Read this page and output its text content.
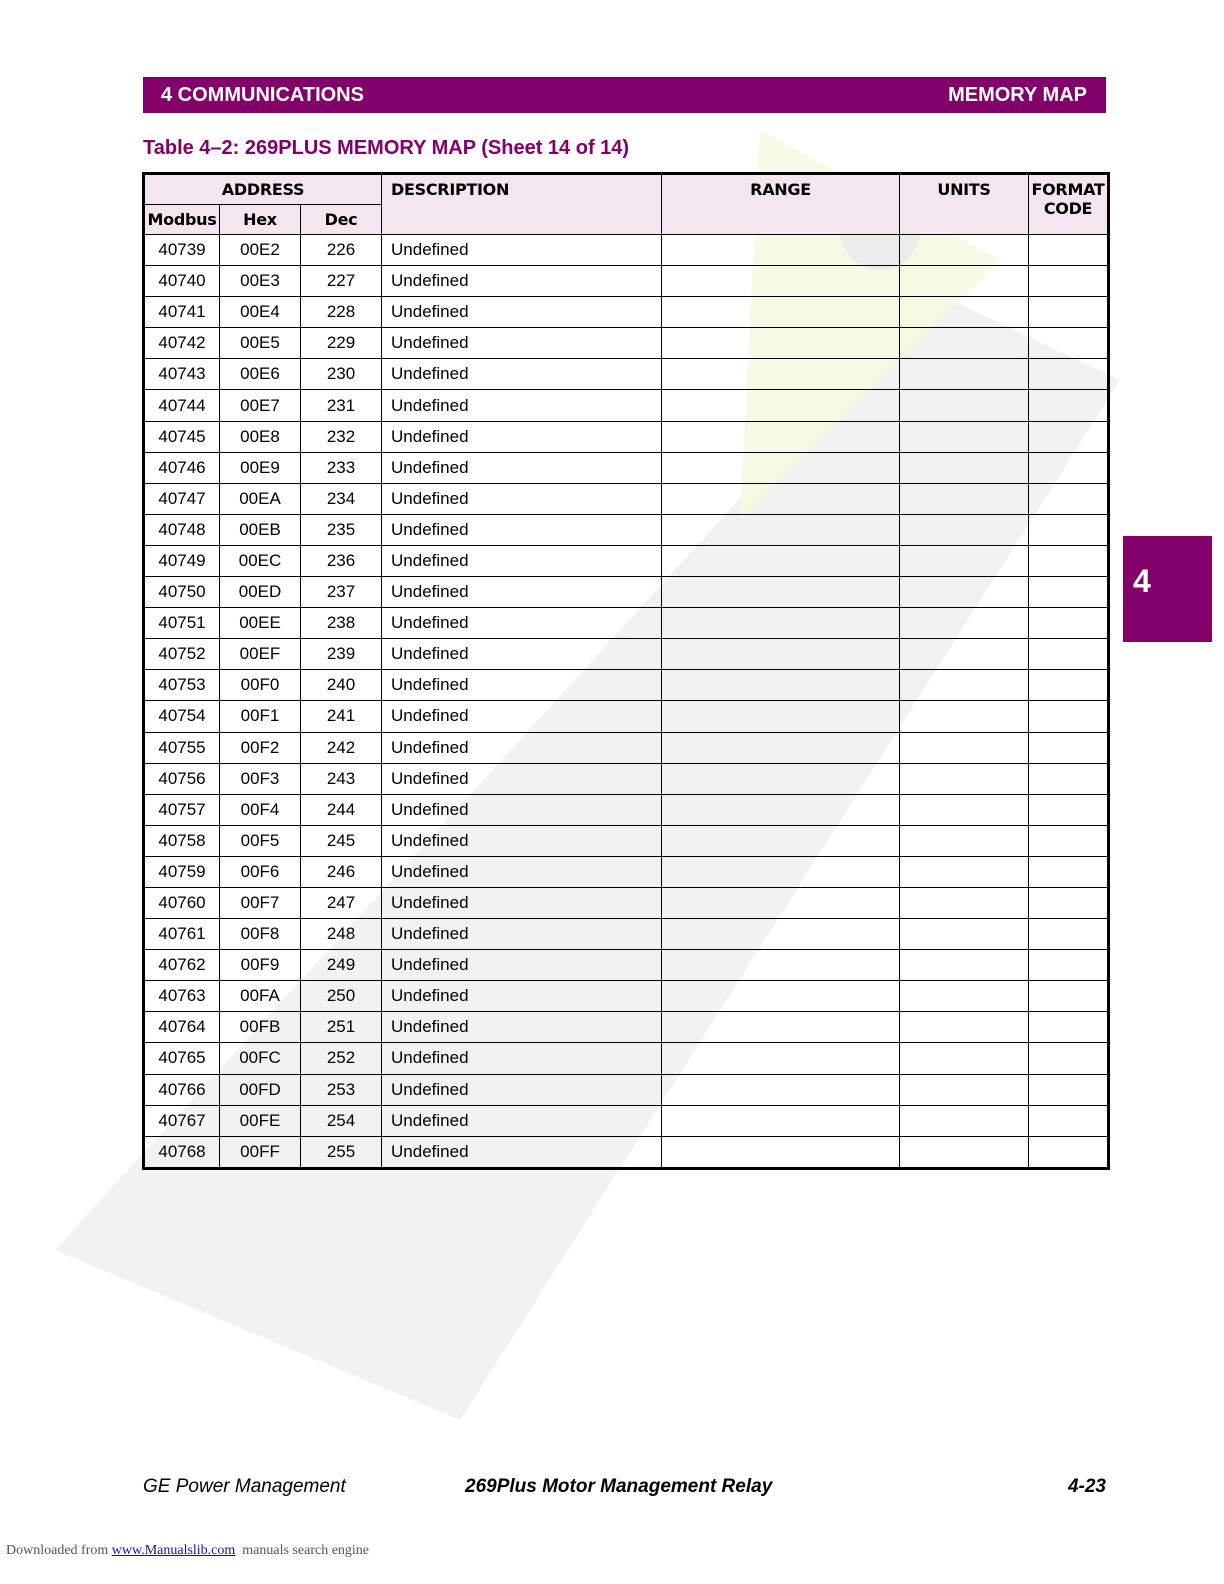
4 COMMUNICATIONS	MEMORY MAP
Table 4–2: 269PLUS MEMORY MAP (Sheet 14 of 14)
4
ADDRESS			DESCRIPTION	RANGE	UNITS	FORMAT
CODE
Modbus	Hex	Dec				
40739	00E2	226	Undefined			
40740	00E3	227	Undefined			
40741	00E4	228	Undefined			
40742	00E5	229	Undefined			
40743	00E6	230	Undefined			
40744	00E7	231	Undefined			
40745	00E8	232	Undefined			
40746	00E9	233	Undefined			
40747	00EA	234	Undefined			
40748	00EB	235	Undefined			
40749	00EC	236	Undefined			
40750	00ED	237	Undefined			
40751	00EE	238	Undefined			
40752	00EF	239	Undefined			
40753	00F0	240	Undefined			
40754	00F1	241	Undefined			
40755	00F2	242	Undefined			
40756	00F3	243	Undefined			
40757	00F4	244	Undefined			
40758	00F5	245	Undefined			
40759	00F6	246	Undefined			
40760	00F7	247	Undefined			
40761	00F8	248	Undefined			
40762	00F9	249	Undefined			
40763	00FA	250	Undefined			
40764	00FB	251	Undefined			
40765	00FC	252	Undefined			
40766	00FD	253	Undefined			
40767	00FE	254	Undefined			
40768	00FF	255	Undefined			
GE Power Management	269Plus Motor Management Relay	4-23
Downloaded from www.Manualslib.com  manuals search engine
